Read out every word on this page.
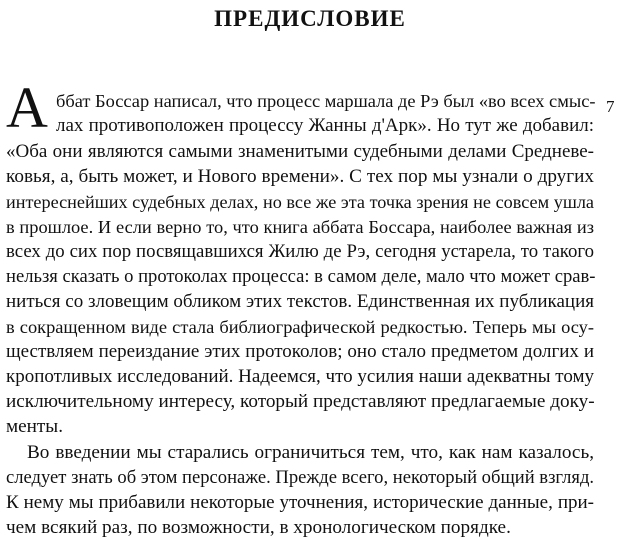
ПРЕДИСЛОВИЕ
А	7
ббат Боссар написал, что процесс маршала де Рэ был «во всех смыс-
лах противоположен процессу Жанны д'Арк». Но тут же добавил:
«Оба они являются самыми знаменитыми судебными делами Средневе-
ковья, а, быть может, и Нового времени». С тех пор мы узнали о других
интереснейших судебных делах, но все же эта точка зрения не совсем ушла
в прошлое. И если верно то, что книга аббата Боссара, наиболее важная из
всех до сих пор посвящавшихся Жилю де Рэ, сегодня устарела, то такого
нельзя сказать о протоколах процесса: в самом деле, мало что может срав-
ниться со зловещим обликом этих текстов. Единственная их публикация
в сокращенном виде стала библиографической редкостью. Теперь мы осу-
ществляем переиздание этих протоколов; оно стало предметом долгих и
кропотливых исследований. Надеемся, что усилия наши адекватны тому
исключительному интересу, который представляют предлагаемые доку-
менты.
Во введении мы старались ограничиться тем, что, как нам казалось,
следует знать об этом персонаже. Прежде всего, некоторый общий взгляд.
К нему мы прибавили некоторые уточнения, исторические данные, при-
чем всякий раз, по возможности, в хронологическом порядке.
